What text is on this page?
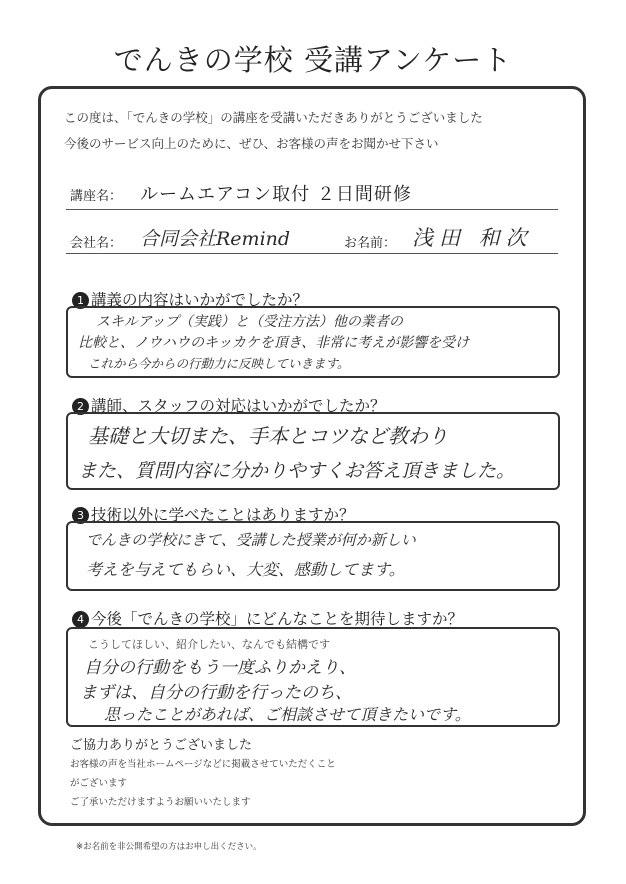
でんきの学校 受講アンケート
この度は、「でんきの学校」の講座を受講いただきありがとうございました
今後のサービス向上のために、ぜひ、お客様の声をお聞かせ下さい
講座名： ルームエアコン取付 ２日間研修
会社名： 合同会社Remind	お名前： 浅田 和次
1 講義の内容はいかがでしたか？
スキルアップ（実践）と（受注方法）他の業者の
比較と、ノウハウのキッカケを頂き、非常に考えが影響を受け
これから今からの行動力に反映していきます。
2 講師、スタッフの対応はいかがでしたか？
基礎と大切また、手本とコツなど教わり
また、質問内容に分かりやすくお答え頂きました。
3 技術以外に学べたことはありますか？
でんきの学校にきて、受講した授業が何か新しい
考えを与えてもらい、大変、感動してます。
4 今後「でんきの学校」にどんなことを期待しますか？
こうしてほしい、紹介したい、なんでも結構です
自分の行動をもう一度ふりかえり、
まずは、自分の行動を行ったのち、
思ったことがあれば、ご相談させて頂きたいです。
ご協力ありがとうございました
お客様の声を当社ホームページなどに掲載させていただくこと
がございます
ご了承いただけますようお願いいたします
※お名前を非公開希望の方はお申し出ください。
